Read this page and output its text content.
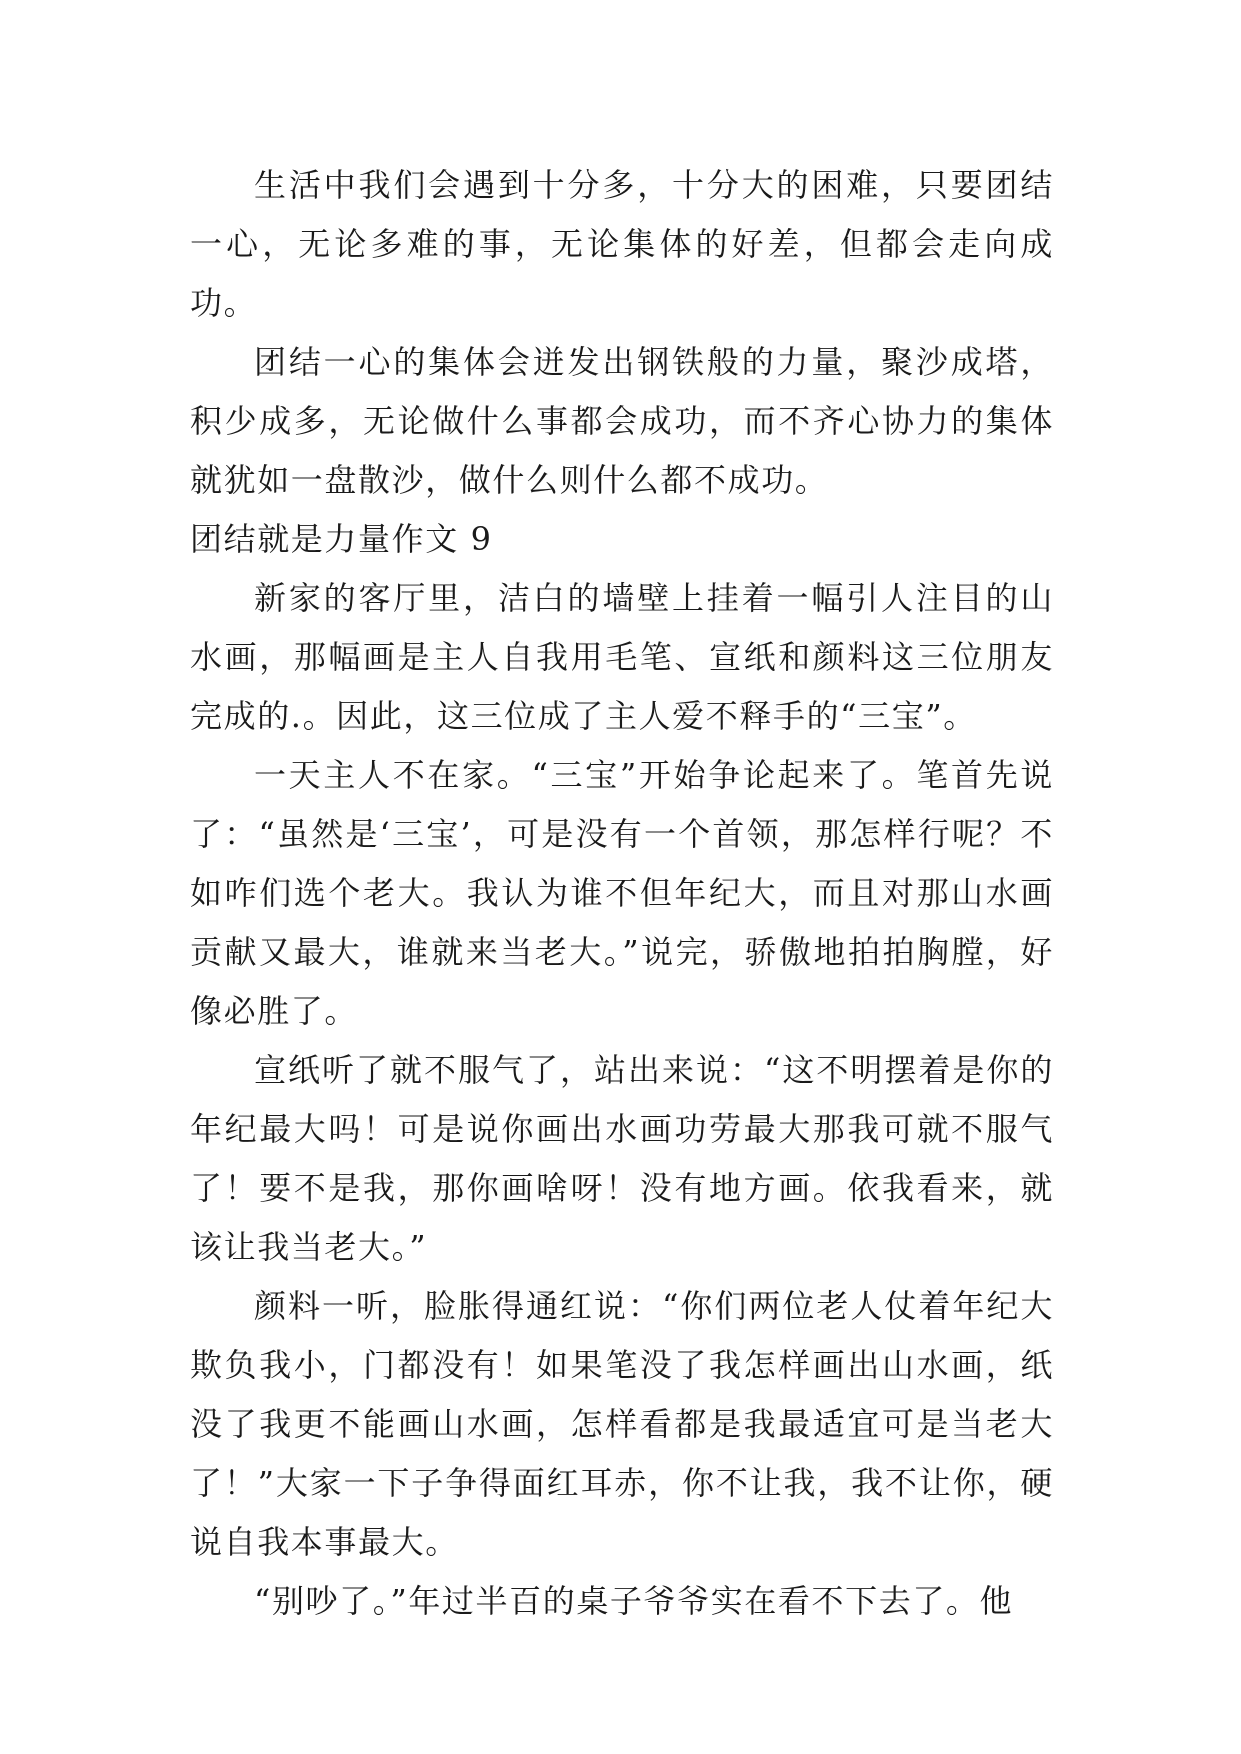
生活中我们会遇到十分多，十分大的困难，只要团结一心，无论多难的事，无论集体的好差，但都会走向成功。

团结一心的集体会迸发出钢铁般的力量，聚沙成塔，积少成多，无论做什么事都会成功，而不齐心协力的集体就犹如一盘散沙，做什么则什么都不成功。

团结就是力量作文 9

新家的客厅里，洁白的墙壁上挂着一幅引人注目的山水画，那幅画是主人自我用毛笔、宣纸和颜料这三位朋友完成的.。因此，这三位成了主人爱不释手的“三宝”。

一天主人不在家。“三宝”开始争论起来了。笔首先说了：“虽然是‘三宝’，可是没有一个首领，那怎样行呢？不如咋们选个老大。我认为谁不但年纪大，而且对那山水画贡献又最大，谁就来当老大。”说完，骄傲地拍拍胸膛，好像必胜了。

宣纸听了就不服气了，站出来说：“这不明摆着是你的年纪最大吗！可是说你画出水画功劳最大那我可就不服气了！要不是我，那你画啥呀！没有地方画。依我看来，就该让我当老大。”

颜料一听，脸胀得通红说：“你们两位老人仗着年纪大欺负我小，门都没有！如果笔没了我怎样画出山水画，纸没了我更不能画山水画，怎样看都是我最适宜可是当老大了！”大家一下子争得面红耳赤，你不让我，我不让你，硬说自我本事最大。

“别吵了。”年过半百的桌子爷爷实在看不下去了。他
